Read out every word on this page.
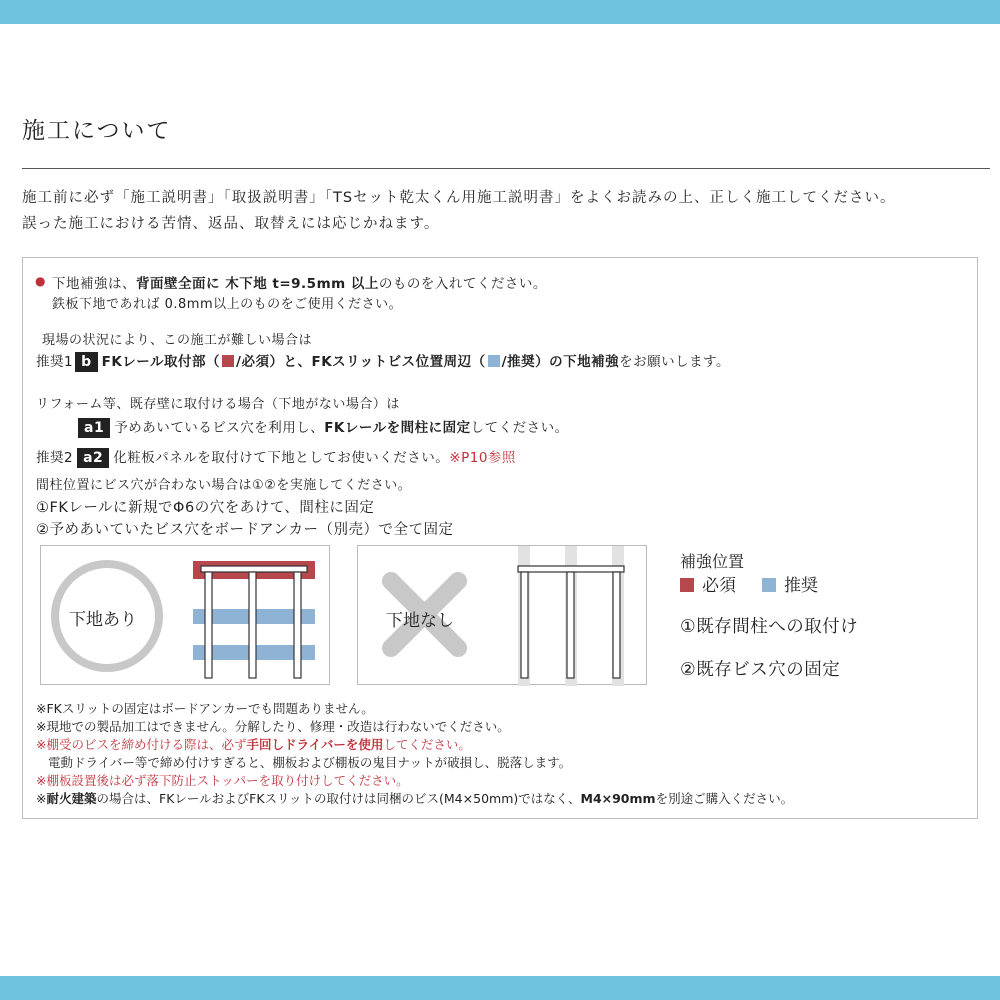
施工について
施工前に必ず「施工説明書」「取扱説明書」「TSセット乾太くん用施工説明書」をよくお読みの上、正しく施工してください。
誤った施工における苦情、返品、取替えには応じかねます。
● 下地補強は、背面壁全面に 木下地 t=9.5mm 以上のものを入れてください。
鉄板下地であれば 0.8mm以上のものをご使用ください。
現場の状況により、この施工が難しい場合は
推奨1 b FKレール取付部（ /必須）と、FKスリットビス位置周辺（ /推奨）の下地補強をお願いします。
リフォーム等、既存壁に取付ける場合（下地がない場合）は
a1 予めあいているビス穴を利用し、FKレールを間柱に固定してください。
推奨2 a2 化粧板パネルを取付けて下地としてお使いください。※P10参照
間柱位置にビス穴が合わない場合は①②を実施してください。
①FKレールに新規でΦ6の穴をあけて、間柱に固定
②予めあいていたビス穴をボードアンカー（別売）で全て固定
下地あり	下地なし
補強位置
必須	推奨
①既存間柱への取付け
②既存ビス穴の固定
※FKスリットの固定はボードアンカーでも問題ありません。
※現地での製品加工はできません。分解したり、修理・改造は行わないでください。
※棚受のビスを締め付ける際は、必ず手回しドライバーを使用してください。
電動ドライバー等で締め付けすぎると、棚板および棚板の鬼目ナットが破損し、脱落します。
※棚板設置後は必ず落下防止ストッパーを取り付けしてください。
※耐火建築の場合は、FKレールおよびFKスリットの取付けは同梱のビス(M4×50mm)ではなく、M4×90mmを別途ご購入ください。
